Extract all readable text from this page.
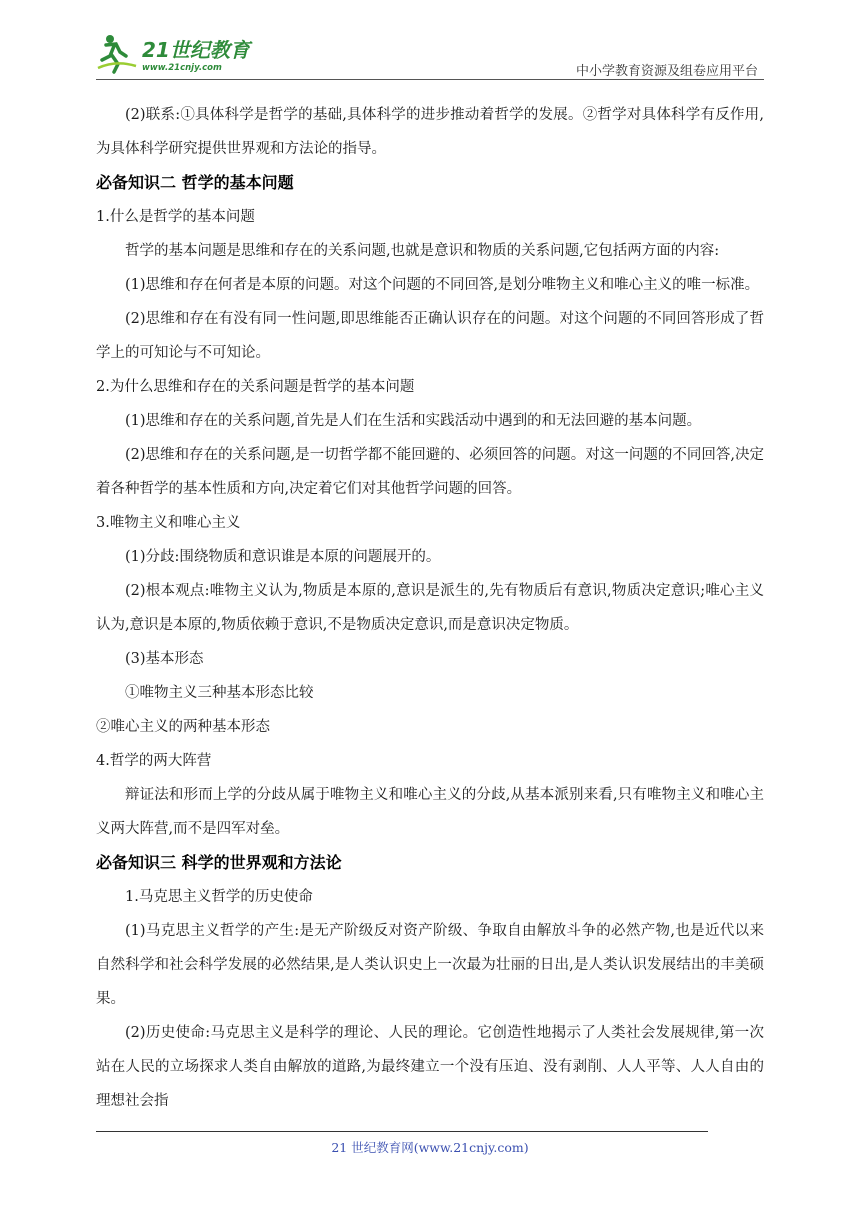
21世纪教育
www.21cnjy.com	中小学教育资源及组卷应用平台

(2)联系:①具体科学是哲学的基础,具体科学的进步推动着哲学的发展。②哲学对具体科学有反作用,为具体科学研究提供世界观和方法论的指导。

必备知识二 哲学的基本问题

1.什么是哲学的基本问题

哲学的基本问题是思维和存在的关系问题,也就是意识和物质的关系问题,它包括两方面的内容:

(1)思维和存在何者是本原的问题。对这个问题的不同回答,是划分唯物主义和唯心主义的唯一标准。

(2)思维和存在有没有同一性问题,即思维能否正确认识存在的问题。对这个问题的不同回答形成了哲学上的可知论与不可知论。

2.为什么思维和存在的关系问题是哲学的基本问题

(1)思维和存在的关系问题,首先是人们在生活和实践活动中遇到的和无法回避的基本问题。

(2)思维和存在的关系问题,是一切哲学都不能回避的、必须回答的问题。对这一问题的不同回答,决定着各种哲学的基本性质和方向,决定着它们对其他哲学问题的回答。

3.唯物主义和唯心主义

(1)分歧:围绕物质和意识谁是本原的问题展开的。

(2)根本观点:唯物主义认为,物质是本原的,意识是派生的,先有物质后有意识,物质决定意识;唯心主义认为,意识是本原的,物质依赖于意识,不是物质决定意识,而是意识决定物质。

(3)基本形态

①唯物主义三种基本形态比较

②唯心主义的两种基本形态

4.哲学的两大阵营

辩证法和形而上学的分歧从属于唯物主义和唯心主义的分歧,从基本派别来看,只有唯物主义和唯心主义两大阵营,而不是四军对垒。

必备知识三 科学的世界观和方法论

1.马克思主义哲学的历史使命

(1)马克思主义哲学的产生:是无产阶级反对资产阶级、争取自由解放斗争的必然产物,也是近代以来自然科学和社会科学发展的必然结果,是人类认识史上一次最为壮丽的日出,是人类认识发展结出的丰美硕果。

(2)历史使命:马克思主义是科学的理论、人民的理论。它创造性地揭示了人类社会发展规律,第一次站在人民的立场探求人类自由解放的道路,为最终建立一个没有压迫、没有剥削、人人平等、人人自由的理想社会指

21 世纪教育网(www.21cnjy.com)
